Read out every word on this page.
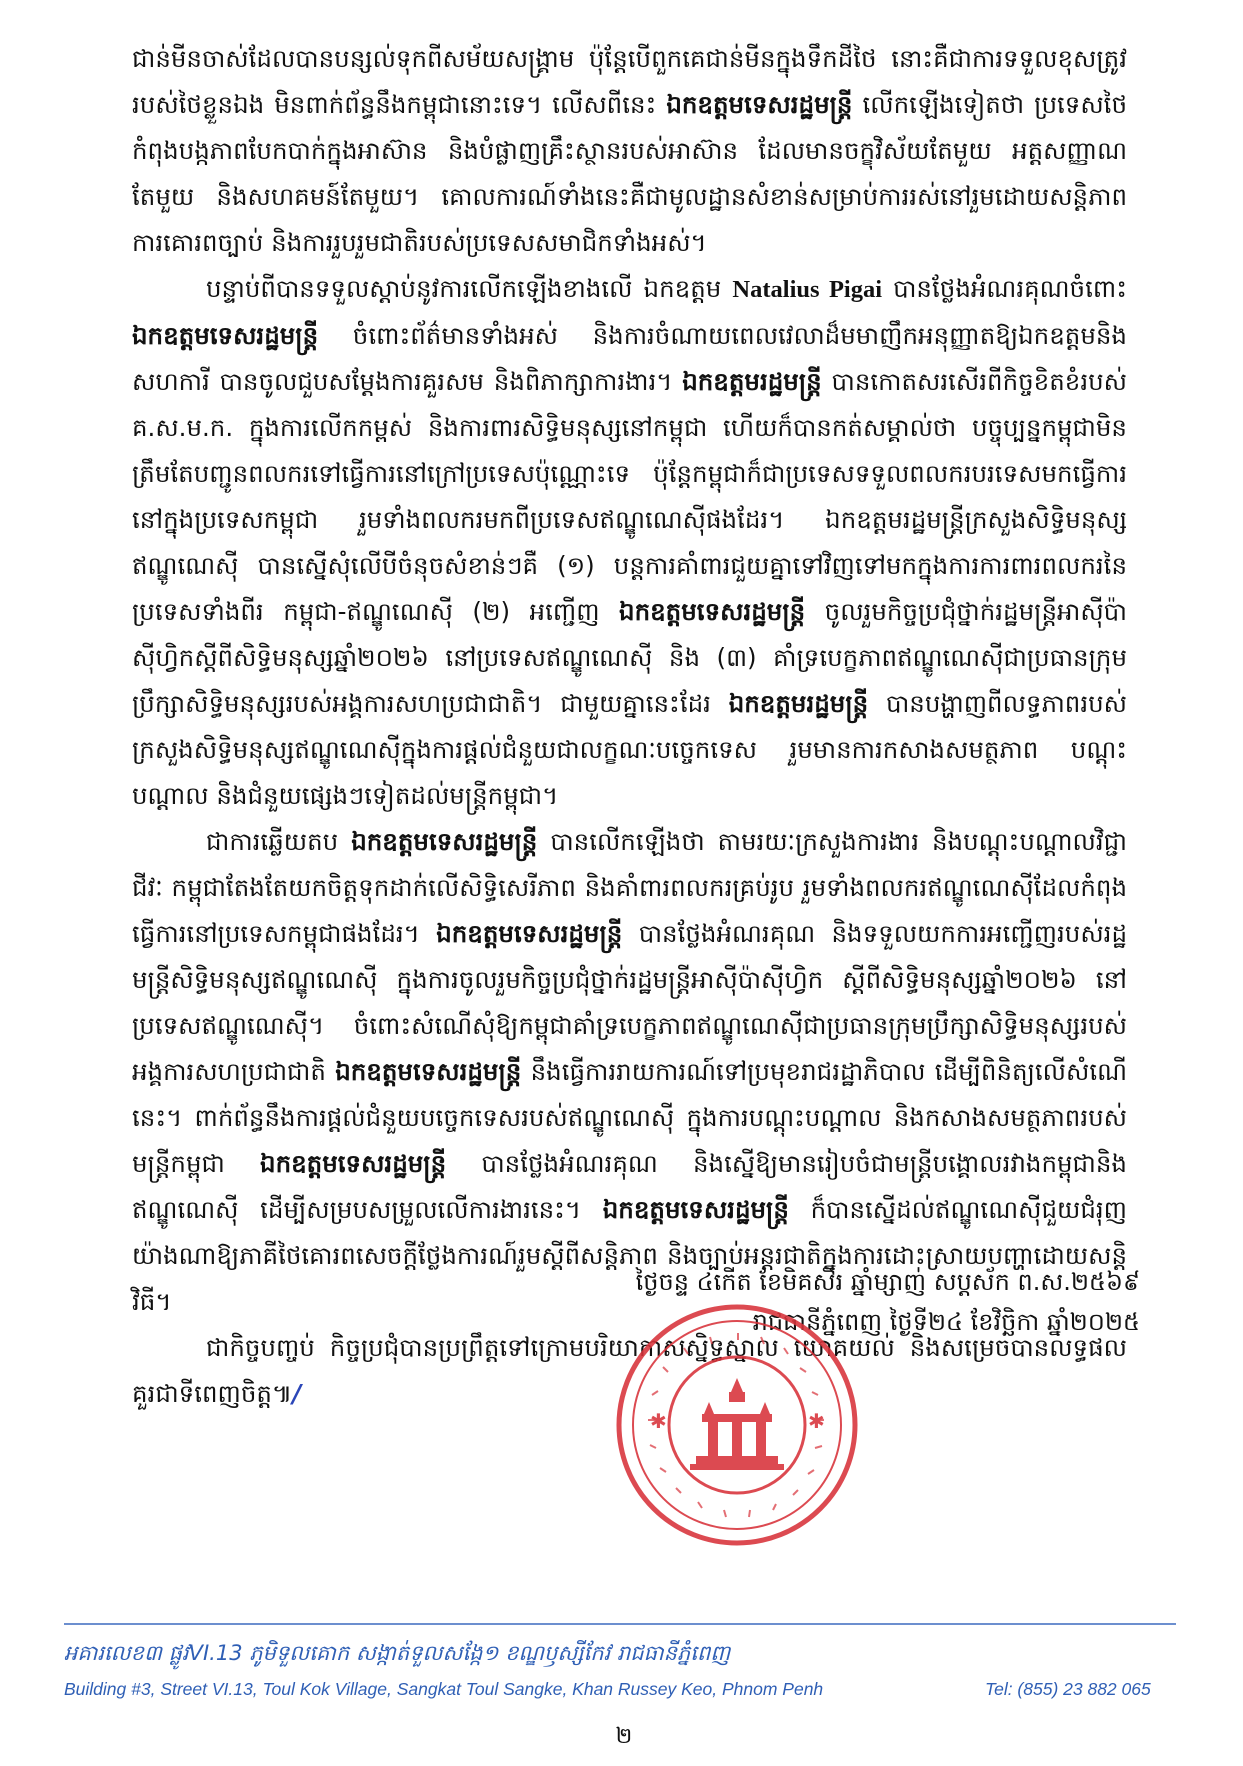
ជាន់មីនចាស់ដែលបានបន្សល់ទុកពីសម័យសង្គ្រាម ប៉ុន្តែបើពួកគេជាន់មីនក្នុងទឹកដីថៃ នោះគឺជាការទទួលខុសត្រូវរបស់ថៃខ្លួនឯង មិនពាក់ព័ន្ធនឹងកម្ពុជានោះទេ។ លើសពីនេះ ឯកឧត្តមទេសរដ្ឋមន្ត្រី លើកឡើងទៀតថា ប្រទេសថៃកំពុងបង្កភាពបែកបាក់ក្នុងអាស៊ាន និងបំផ្លាញគ្រឹះស្ថានរបស់អាស៊ាន ដែលមានចក្ខុវិស័យតែមួយ អត្តសញ្ញាណតែមួយ និងសហគមន៍តែមួយ។ គោលការណ៍ទាំងនេះគឺជាមូលដ្ឋានសំខាន់សម្រាប់ការរស់នៅរួមដោយសន្តិភាព ការគោរពច្បាប់ និងការរួបរួមជាតិរបស់ប្រទេសសមាជិកទាំងអស់។

បន្ទាប់ពីបានទទួលស្តាប់នូវការលើកឡើងខាងលើ ឯកឧត្តម Natalius Pigai បានថ្លែងអំណរគុណចំពោះ ឯកឧត្តមទេសរដ្ឋមន្ត្រី ចំពោះព័ត៌មានទាំងអស់ និងការចំណាយពេលវេលាដ៏មមាញឹកអនុញ្ញាតឱ្យឯកឧត្តមនិងសហការី បានចូលជួបសម្តែងការគួរសម និងពិភាក្សាការងារ។ ឯកឧត្តមរដ្ឋមន្ត្រី បានកោតសរសើរពីកិច្ចខិតខំរបស់ គ.ស.ម.ក. ក្នុងការលើកកម្ពស់ និងការពារសិទ្ធិមនុស្សនៅកម្ពុជា ហើយក៏បានកត់សម្គាល់ថា បច្ចុប្បន្នកម្ពុជាមិនត្រឹមតែបញ្ជូនពលករទៅធ្វើការនៅក្រៅប្រទេសប៉ុណ្ណោះទេ ប៉ុន្តែកម្ពុជាក៏ជាប្រទេសទទួលពលករបរទេសមកធ្វើការនៅក្នុងប្រទេសកម្ពុជា រួមទាំងពលករមកពីប្រទេសឥណ្ឌូណេស៊ីផងដែរ។ ឯកឧត្តមរដ្ឋមន្ត្រីក្រសួងសិទ្ធិមនុស្សឥណ្ឌូណេស៊ី បានស្នើសុំលើបីចំនុចសំខាន់ៗគឺ (១) បន្តការគាំពារជួយគ្នាទៅវិញទៅមកក្នុងការការពារពលករនៃប្រទេសទាំងពីរ កម្ពុជា-ឥណ្ឌូណេស៊ី (២) អញ្ជើញ ឯកឧត្តមទេសរដ្ឋមន្ត្រី ចូលរួមកិច្ចប្រជុំថ្នាក់រដ្ឋមន្ត្រីអាស៊ីប៉ាស៊ីហ្វិកស្តីពីសិទ្ធិមនុស្សឆ្នាំ២០២៦ នៅប្រទេសឥណ្ឌូណេស៊ី និង (៣) គាំទ្របេក្ខភាពឥណ្ឌូណេស៊ីជាប្រធានក្រុមប្រឹក្សាសិទ្ធិមនុស្សរបស់អង្គការសហប្រជាជាតិ។ ជាមួយគ្នានេះដែរ ឯកឧត្តមរដ្ឋមន្ត្រី បានបង្ហាញពីលទ្ធភាពរបស់ក្រសួងសិទ្ធិមនុស្សឥណ្ឌូណេស៊ីក្នុងការផ្តល់ជំនួយជាលក្ខណៈបច្ចេកទេស រួមមានការកសាងសមត្ថភាព បណ្តុះបណ្តាល និងជំនួយផ្សេងៗទៀតដល់មន្ត្រីកម្ពុជា។

ជាការឆ្លើយតប ឯកឧត្តមទេសរដ្ឋមន្ត្រី បានលើកឡើងថា តាមរយៈក្រសួងការងារ និងបណ្តុះបណ្តាលវិជ្ជាជីវៈ កម្ពុជាតែងតែយកចិត្តទុកដាក់លើសិទ្ធិសេរីភាព និងគាំពារពលករគ្រប់រូប រួមទាំងពលករឥណ្ឌូណេស៊ីដែលកំពុងធ្វើការនៅប្រទេសកម្ពុជាផងដែរ។ ឯកឧត្តមទេសរដ្ឋមន្ត្រី បានថ្លែងអំណរគុណ និងទទួលយកការអញ្ជើញរបស់រដ្ឋមន្ត្រីសិទ្ធិមនុស្សឥណ្ឌូណេស៊ី ក្នុងការចូលរួមកិច្ចប្រជុំថ្នាក់រដ្ឋមន្ត្រីអាស៊ីប៉ាស៊ីហ្វិក ស្តីពីសិទ្ធិមនុស្សឆ្នាំ២០២៦ នៅប្រទេសឥណ្ឌូណេស៊ី។ ចំពោះសំណើសុំឱ្យកម្ពុជាគាំទ្របេក្ខភាពឥណ្ឌូណេស៊ីជាប្រធានក្រុមប្រឹក្សាសិទ្ធិមនុស្សរបស់អង្គការសហប្រជាជាតិ ឯកឧត្តមទេសរដ្ឋមន្ត្រី នឹងធ្វើការរាយការណ៍ទៅប្រមុខរាជរដ្ឋាភិបាល ដើម្បីពិនិត្យលើសំណើនេះ។ ពាក់ព័ន្ធនឹងការផ្តល់ជំនួយបច្ចេកទេសរបស់ឥណ្ឌូណេស៊ី ក្នុងការបណ្តុះបណ្តាល និងកសាងសមត្ថភាពរបស់មន្ត្រីកម្ពុជា ឯកឧត្តមទេសរដ្ឋមន្ត្រី បានថ្លែងអំណរគុណ និងស្នើឱ្យមានរៀបចំជាមន្ត្រីបង្គោលរវាងកម្ពុជានិងឥណ្ឌូណេស៊ី ដើម្បីសម្របសម្រួលលើការងារនេះ។ ឯកឧត្តមទេសរដ្ឋមន្ត្រី ក៏បានស្នើដល់ឥណ្ឌូណេស៊ីជួយជំរុញយ៉ាងណាឱ្យភាគីថៃគោរពសេចក្តីថ្លែងការណ៍រួមស្តីពីសន្តិភាព និងច្បាប់អន្តរជាតិក្នុងការដោះស្រាយបញ្ហាដោយសន្តិវិធី។

ជាកិច្ចបញ្ចប់ កិច្ចប្រជុំបានប្រព្រឹត្តទៅក្រោមបរិយាកាសស្និទ្ធស្នាល យោគយល់ និងសម្រេចបានលទ្ធផលគួរជាទីពេញចិត្ត៕/

ថ្ងៃចន្ទ ៤កើត ខែមិគសិរ ឆ្នាំម្សាញ់ សប្តស័ក ព.ស.២៥៦៩
រាជធានីភ្នំពេញ ថ្ងៃទី២៤ ខែវិច្ឆិកា ឆ្នាំ២០២៥
✱	✱
អគារលេខ៣ ផ្លូវVI.13 ភូមិទួលគោក សង្កាត់ទួលសង្កែ១ ខណ្ឌឫស្សីកែវ រាជធានីភ្នំពេញ
Building #3, Street VI.13, Toul Kok Village, Sangkat Toul Sangke, Khan Russey Keo, Phnom Penh	Tel: (855) 23 882 065
២
